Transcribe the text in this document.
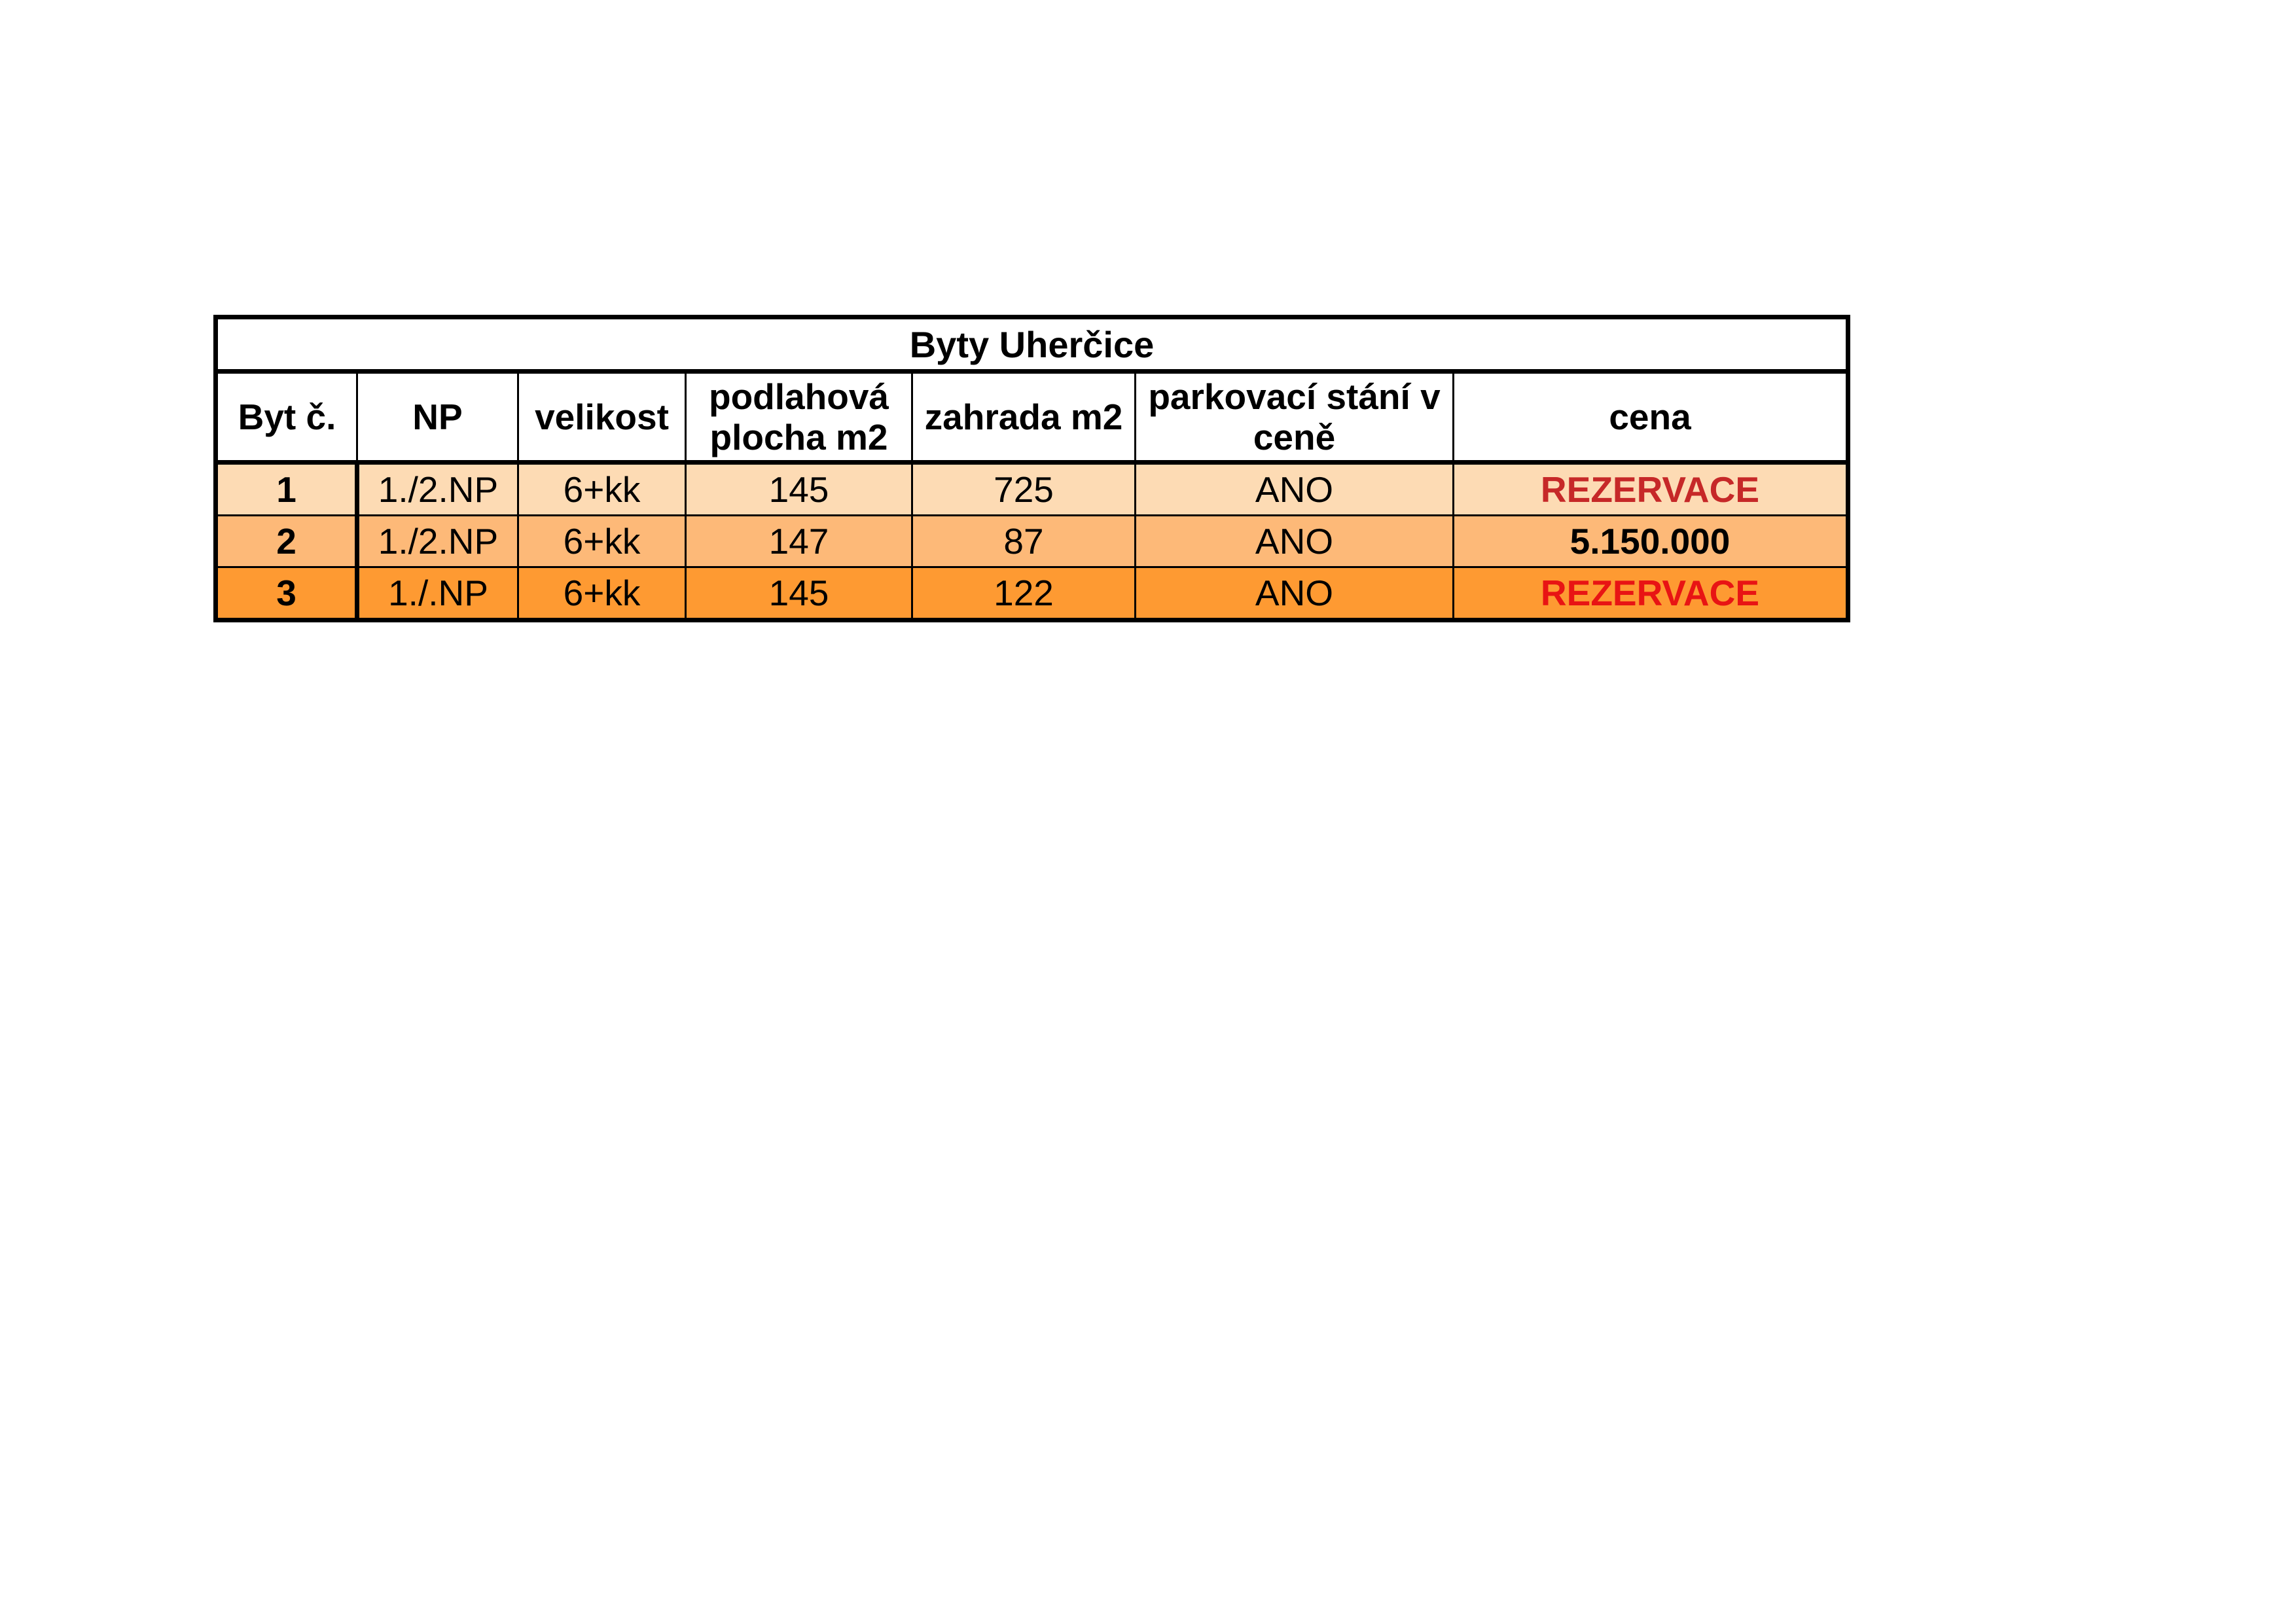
Byty Uherčice						
Byt č.	NP	velikost	podlahová plocha m2	zahrada m2	parkovací stání v ceně	cena
1	1./2.NP	6+kk	145	725	ANO	REZERVACE
2	1./2.NP	6+kk	147	87	ANO	5.150.000
3	1./.NP	6+kk	145	122	ANO	REZERVACE
